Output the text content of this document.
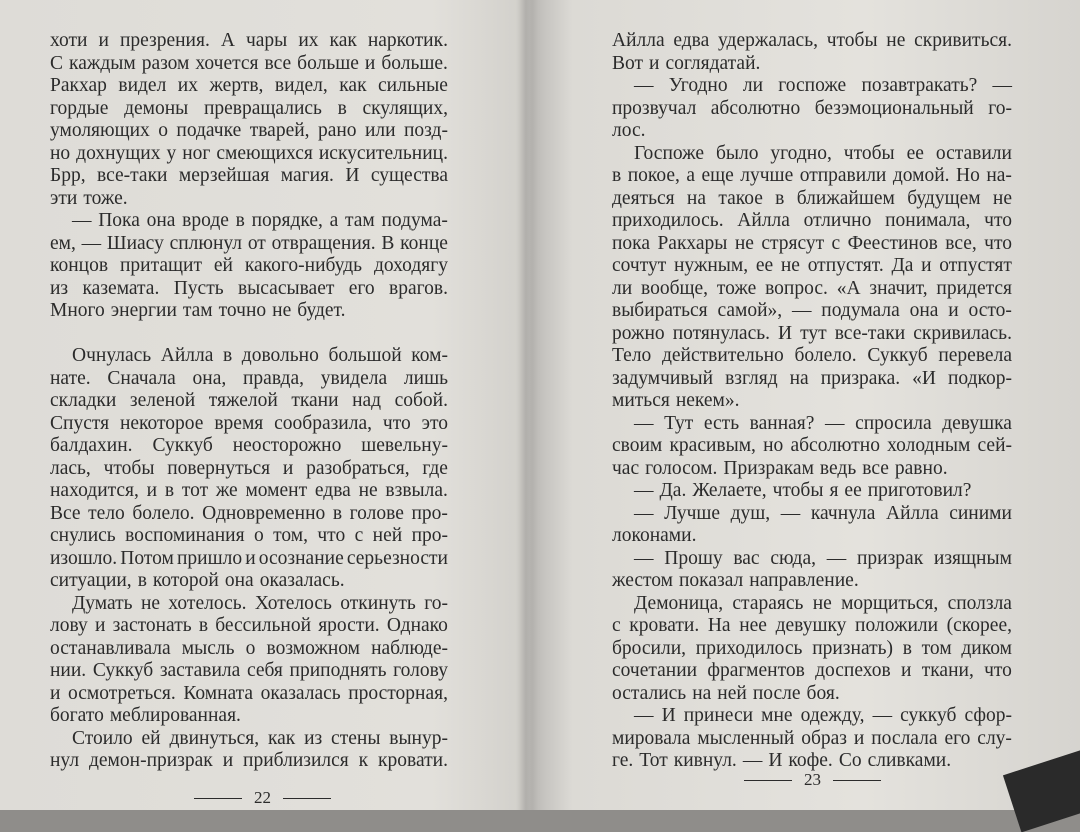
хоти и презрения. А чары их как наркотик.
С каждым разом хочется все больше и больше.
Ракхар видел их жертв, видел, как сильные
гордые демоны превращались в скулящих,
умоляющих о подачке тварей, рано или позд-
но дохнущих у ног смеющихся искусительниц.
Брр, все-таки мерзейшая магия. И существа
эти тоже.
— Пока она вроде в порядке, а там подума-
ем, — Шиасу сплюнул от отвращения. В конце
концов притащит ей какого-нибудь доходягу
из каземата. Пусть высасывает его врагов.
Много энергии там точно не будет.
Очнулась Айлла в довольно большой ком-
нате. Сначала она, правда, увидела лишь
складки зеленой тяжелой ткани над собой.
Спустя некоторое время сообразила, что это
балдахин. Суккуб неосторожно шевельну-
лась, чтобы повернуться и разобраться, где
находится, и в тот же момент едва не взвыла.
Все тело болело. Одновременно в голове про-
снулись воспоминания о том, что с ней про-
изошло. Потом пришло и осознание серьезности
ситуации, в которой она оказалась.
Думать не хотелось. Хотелось откинуть го-
лову и застонать в бессильной ярости. Однако
останавливала мысль о возможном наблюде-
нии. Суккуб заставила себя приподнять голову
и осмотреться. Комната оказалась просторная,
богато меблированная.
Стоило ей двинуться, как из стены вынyр-
нул демон-призрак и приблизился к кровати.
Айлла едва удержалась, чтобы не скривиться.
Вот и соглядатай.
— Угодно ли госпоже позавтракать? —
прозвучал абсолютно безэмоциональный го-
лос.
Госпоже было угодно, чтобы ее оставили
в покое, а еще лучше отправили домой. Но на-
деяться на такое в ближайшем будущем не
приходилось. Айлла отлично понимала, что
пока Ракхары не стрясут с Феестинов все, что
сочтут нужным, ее не отпустят. Да и отпустят
ли вообще, тоже вопрос. «А значит, придется
выбираться самой», — подумала она и осто-
рожно потянулась. И тут все-таки скривилась.
Тело действительно болело. Суккуб перевела
задумчивый взгляд на призрака. «И подкор-
миться некем».
— Тут есть ванная? — спросила девушка
своим красивым, но абсолютно холодным сей-
час голосом. Призракам ведь все равно.
— Да. Желаете, чтобы я ее приготовил?
— Лучше душ, — качнула Айлла синими
локонами.
— Прошу вас сюда, — призрак изящным
жестом показал направление.
Демоница, стараясь не морщиться, сползла
с кровати. На нее девушку положили (скорее,
бросили, приходилось признать) в том диком
сочетании фрагментов доспехов и ткани, что
остались на ней после боя.
— И принеси мне одежду, — суккуб сфор-
мировала мысленный образ и послала его слу-
ге. Тот кивнул. — И кофе. Со сливками.
22
23
